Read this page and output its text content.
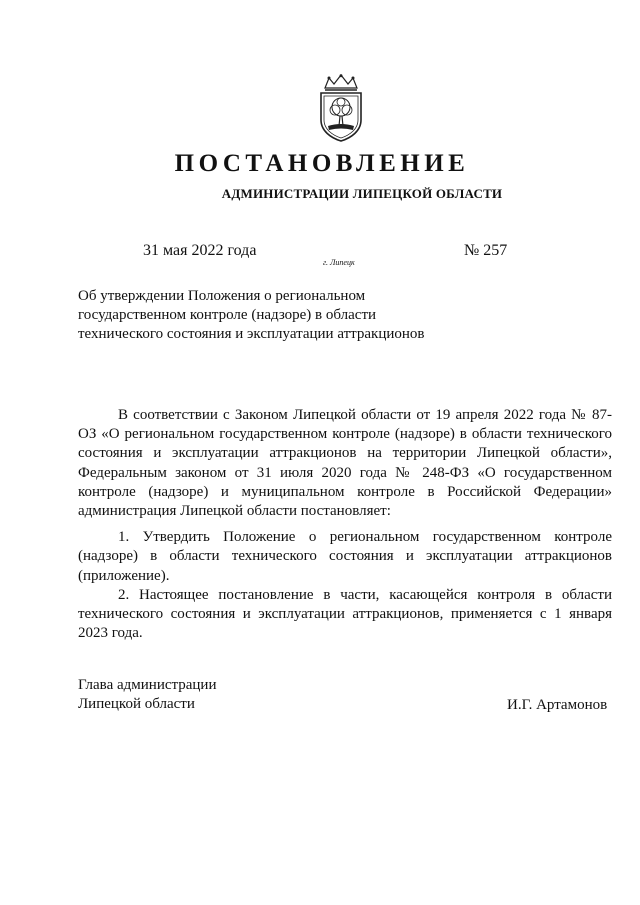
ПОСТАНОВЛЕНИЕ
АДМИНИСТРАЦИИ ЛИПЕЦКОЙ ОБЛАСТИ
31 мая 2022 года
г. Липецк
№ 257
Об утверждении Положения о региональном
государственном контроле (надзоре) в области
технического состояния и эксплуатации аттракционов

В соответствии с Законом Липецкой области от 19 апреля 2022 года № 87-ОЗ «О региональном государственном контроле (надзоре) в области технического состояния и эксплуатации аттракционов на территории Липецкой области», Федеральным законом от 31 июля 2020 года № 248-ФЗ «О государственном контроле (надзоре) и муниципальном контроле в Российской Федерации» администрация Липецкой области постановляет:

1. Утвердить Положение о региональном государственном контроле (надзоре) в области технического состояния и эксплуатации аттракционов (приложение).

2. Настоящее постановление в части, касающейся контроля в области технического состояния и эксплуатации аттракционов, применяется с 1 января 2023 года.

Глава администрации
Липецкой области	И.Г. Артамонов
